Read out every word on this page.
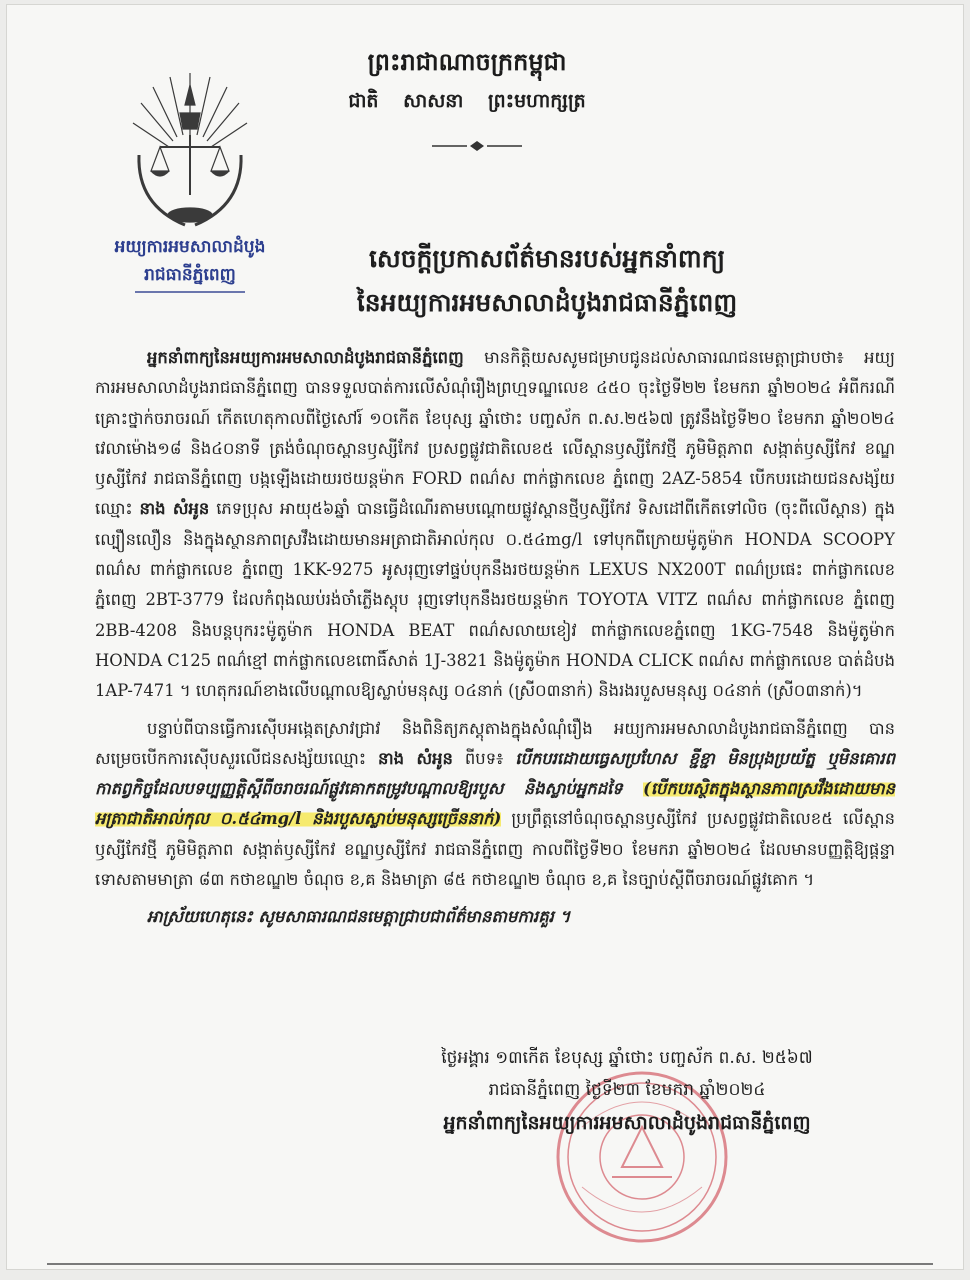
អយ្យការអមសាលាដំបូង
រាជធានីភ្នំពេញ
ព្រះរាជាណាចក្រកម្ពុជា
ជាតិ សាសនា ព្រះមហាក្សត្រ
សេចក្តីប្រកាសព័ត៌មានរបស់អ្នកនាំពាក្យ
នៃអយ្យការអមសាលាដំបូងរាជធានីភ្នំពេញ

អ្នកនាំពាក្យនៃអយ្យការអមសាលាដំបូងរាជធានីភ្នំពេញ មានកិត្តិយសសូមជម្រាបជូនដល់សាធារណជនមេត្តាជ្រាបថា៖ អយ្យការអមសាលាដំបូងរាជធានីភ្នំពេញ បានទទួលបាត់ការលើសំណុំរឿងព្រហ្មទណ្ឌលេខ ៤៥០ ចុះថ្ងៃទី២២ ខែមករា ឆ្នាំ២០២៤ អំពីករណីគ្រោះថ្នាក់ចរាចរណ៍ កើតហេតុកាលពីថ្ងៃសៅរ៍ ១០កើត ខែបុស្ស ឆ្នាំថោះ បញ្ចស័ក ព.ស.២៥៦៧ ត្រូវនឹងថ្ងៃទី២០ ខែមករា ឆ្នាំ២០២៤ វេលាម៉ោង១៨ និង៤០នាទី ត្រង់ចំណុចស្ពានឫស្សីកែវ ប្រសព្វផ្លូវជាតិលេខ៥ លើស្ពានឫស្សីកែវថ្មី ភូមិមិត្តភាព សង្កាត់ឫស្សីកែវ ខណ្ឌឫស្សីកែវ រាជធានីភ្នំពេញ បង្កឡើងដោយរថយន្តម៉ាក FORD ពណ៌ស ពាក់ផ្លាកលេខ ភ្នំពេញ 2AZ-5854 បើកបរដោយជនសង្ស័យឈ្មោះ នាង សំអូន ភេទប្រុស អាយុ៥៦ឆ្នាំ បានធ្វើដំណើរតាមបណ្តោយផ្លូវស្ពានថ្មីឫស្សីកែវ ទិសដៅពីកើតទៅលិច (ចុះពីលើស្ពាន) ក្នុងល្បឿនលឿន និងក្នុងស្ថានភាពស្រវឹងដោយមានអត្រាជាតិអាល់កុល ០.៥៤mg/l ទៅបុកពីក្រោយម៉ូតូម៉ាក HONDA SCOOPY ពណ៌ស ពាក់ផ្លាកលេខ ភ្នំពេញ 1KK-9275 អូសរុញទៅផ្ទប់បុកនឹងរថយន្តម៉ាក LEXUS NX200T ពណ៌ប្រផេះ ពាក់ផ្លាកលេខ ភ្នំពេញ 2BT-3779 ដែលកំពុងឈប់រង់ចាំភ្លើងស្តុប រុញទៅបុកនឹងរថយន្តម៉ាក TOYOTA VITZ ពណ៌ស ពាក់ផ្លាកលេខ ភ្នំពេញ 2BB-4208 និងបន្តបុករះម៉ូតូម៉ាក HONDA BEAT ពណ៌សលាយខៀវ ពាក់ផ្លាកលេខភ្នំពេញ 1KG-7548 និងម៉ូតូម៉ាក HONDA C125 ពណ៌ខ្មៅ ពាក់ផ្លាកលេខពោធិ៍សាត់ 1J-3821 និងម៉ូតូម៉ាក HONDA CLICK ពណ៌ស ពាក់ផ្លាកលេខ បាត់ដំបង 1AP-7471 ។ ហេតុករណ៍ខាងលើបណ្តាលឱ្យស្លាប់មនុស្ស ០៤នាក់ (ស្រី០៣នាក់) និងរងរបួសមនុស្ស ០៤នាក់ (ស្រី០៣នាក់)។

បន្ទាប់ពីបានធ្វើការស៊ើបអង្កេតស្រាវជ្រាវ និងពិនិត្យភស្តុតាងក្នុងសំណុំរឿង អយ្យការអមសាលាដំបូងរាជធានីភ្នំពេញ បានសម្រេចបើកការស៊ើបសួរលើជនសង្ស័យឈ្មោះ នាង សំអូន ពីបទ៖ បើកបរដោយធ្វេសប្រហែស ខ្ជីខ្ជា មិនប្រុងប្រយ័ត្ន ឬមិនគោរពកាតព្វកិច្ចដែលបទប្បញ្ញត្តិស្តីពីចរាចរណ៍ផ្លូវគោកតម្រូវបណ្តាលឱ្យរបួស និងស្លាប់អ្នកដទៃ (បើកបរស្ថិតក្នុងស្ថានភាពស្រវឹងដោយមានអត្រាជាតិអាល់កុល ០.៥៤mg/l និងរបួសស្លាប់មនុស្សច្រើននាក់) ប្រព្រឹត្តនៅចំណុចស្ពានឫស្សីកែវ ប្រសព្វផ្លូវជាតិលេខ៥ លើស្ពានឫស្សីកែវថ្មី ភូមិមិត្តភាព សង្កាត់ឫស្សីកែវ ខណ្ឌឫស្សីកែវ រាជធានីភ្នំពេញ កាលពីថ្ងៃទី២០ ខែមករា ឆ្នាំ២០២៤ ដែលមានបញ្ញត្តិឱ្យផ្តន្ទាទោសតាមមាត្រា ៨៣ កថាខណ្ឌ២ ចំណុច ខ,គ និងមាត្រា ៨៥ កថាខណ្ឌ២ ចំណុច ខ,គ នៃច្បាប់ស្តីពីចរាចរណ៍ផ្លូវគោក ។

អាស្រ័យហេតុនេះ សូមសាធារណជនមេត្តាជ្រាបជាព័ត៌មានតាមការគួរ ។

ថ្ងៃអង្គារ ១៣កើត ខែបុស្ស ឆ្នាំថោះ បញ្ចស័ក ព.ស. ២៥៦៧
រាជធានីភ្នំពេញ ថ្ងៃទី២៣ ខែមករា ឆ្នាំ២០២៤
អ្នកនាំពាក្យនៃអយ្យការអមសាលាដំបូងរាជធានីភ្នំពេញ
